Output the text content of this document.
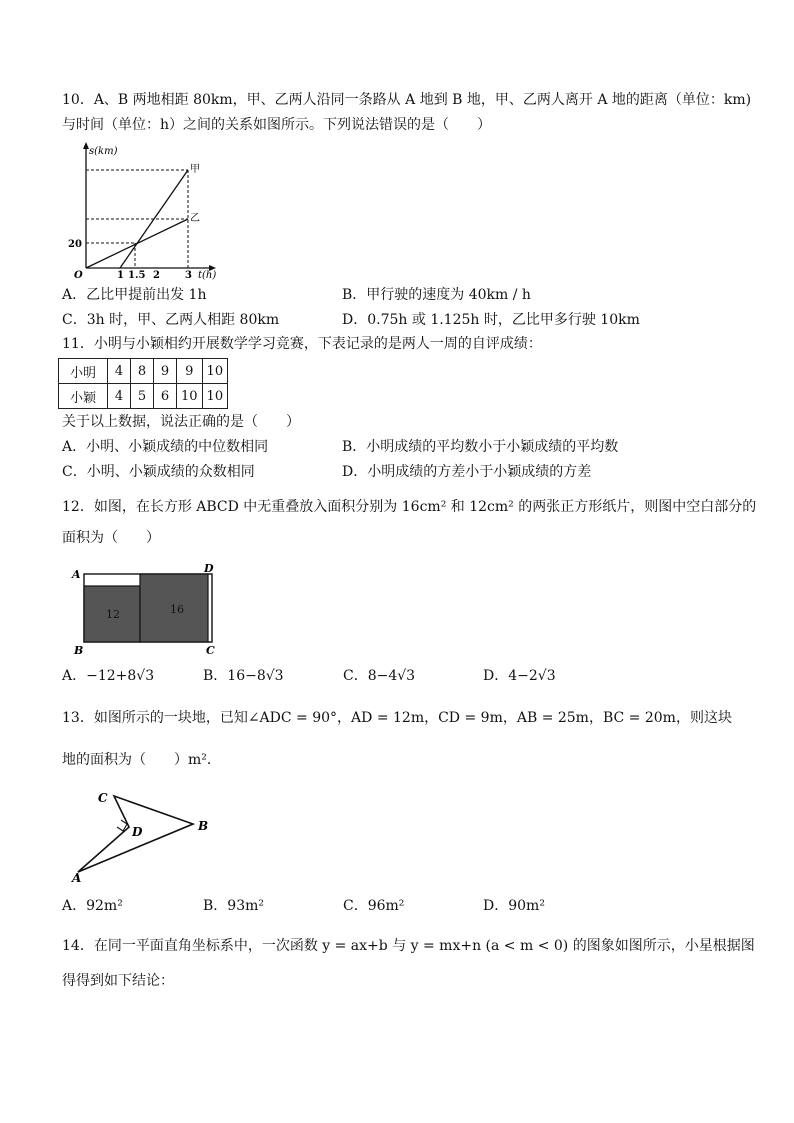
10．A、B 两地相距 80km，甲、乙两人沿同一条路从 A 地到 B 地，甲、乙两人离开 A 地的距离（单位：km)
与时间（单位：h）之间的关系如图所示。下列说法错误的是（　　）
s(km)
t(h)
O
20
1 1.5 2	3
甲
乙
A．乙比甲提前出发 1h	B．甲行驶的速度为 40km / h
C．3h 时，甲、乙两人相距 80km	D．0.75h 或 1.125h 时，乙比甲多行驶 10km
11．小明与小颖相约开展数学学习竞赛，下表记录的是两人一周的自评成绩：
小明	4	8	9	9	10
小颖	4	5	6	10	10
关于以上数据，说法正确的是（　　）
A．小明、小颖成绩的中位数相同	B．小明成绩的平均数小于小颖成绩的平均数
C．小明、小颖成绩的众数相同	D．小明成绩的方差小于小颖成绩的方差
12．如图，在长方形 ABCD 中无重叠放入面积分别为 16cm² 和 12cm² 的两张正方形纸片，则图中空白部分的
面积为（　　）
12	16
A	D
B	C
A．−12+8√3	B．16−8√3	C．8−4√3	D．4−2√3
13．如图所示的一块地，已知∠ADC = 90°，AD = 12m，CD = 9m，AB = 25m，BC = 20m，则这块
地的面积为（　　）m²．
C
D	B
A
A．92m²	B．93m²	C．96m²	D．90m²
14．在同一平面直角坐标系中，一次函数 y = ax+b 与 y = mx+n (a < m < 0) 的图象如图所示，小星根据图
得得到如下结论：
